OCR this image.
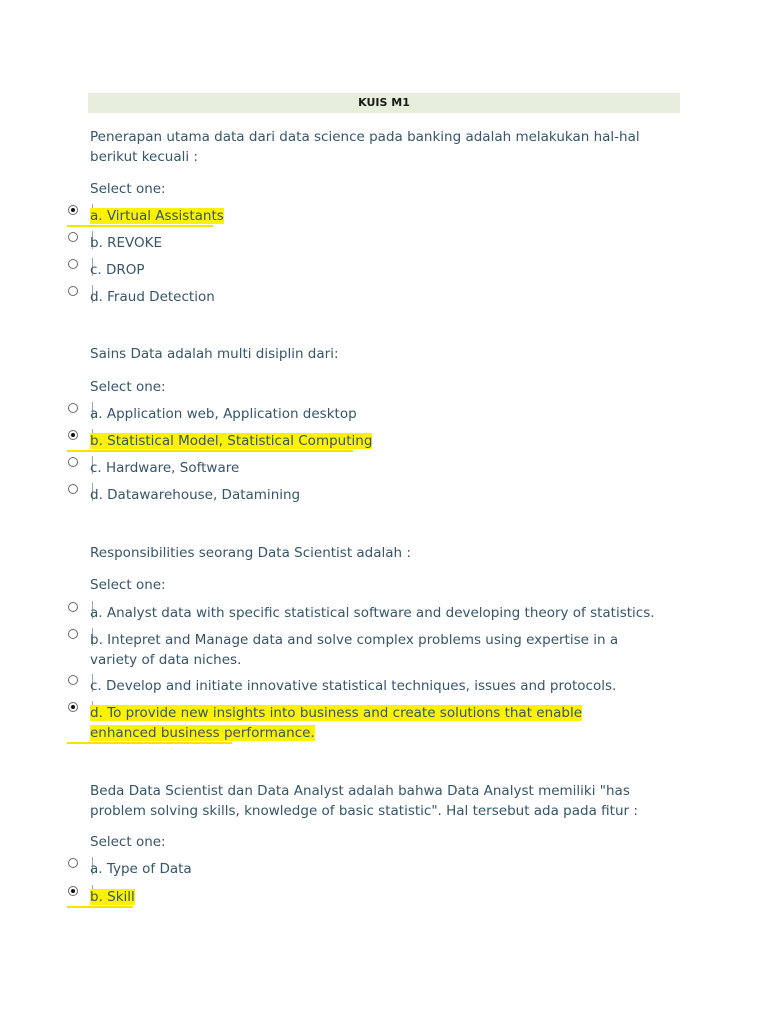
KUIS M1
Penerapan utama data dari data science pada banking adalah melakukan hal-hal berikut kecuali :
Select one:
a. Virtual Assistants
b. REVOKE
c. DROP
d. Fraud Detection
Sains Data adalah multi disiplin dari:
Select one:
a. Application web, Application desktop
b. Statistical Model, Statistical Computing
c. Hardware, Software
d. Datawarehouse, Datamining
Responsibilities seorang Data Scientist adalah :
Select one:
a. Analyst data with specific statistical software and developing theory of statistics.
b. Intepret and Manage data and solve complex problems using expertise in a variety of data niches.
c. Develop and initiate innovative statistical techniques, issues and protocols.
d. To provide new insights into business and create solutions that enable enhanced business performance.
Beda Data Scientist dan Data Analyst adalah bahwa Data Analyst memiliki "has problem solving skills, knowledge of basic statistic". Hal tersebut ada pada fitur :
Select one:
a. Type of Data
b. Skill
